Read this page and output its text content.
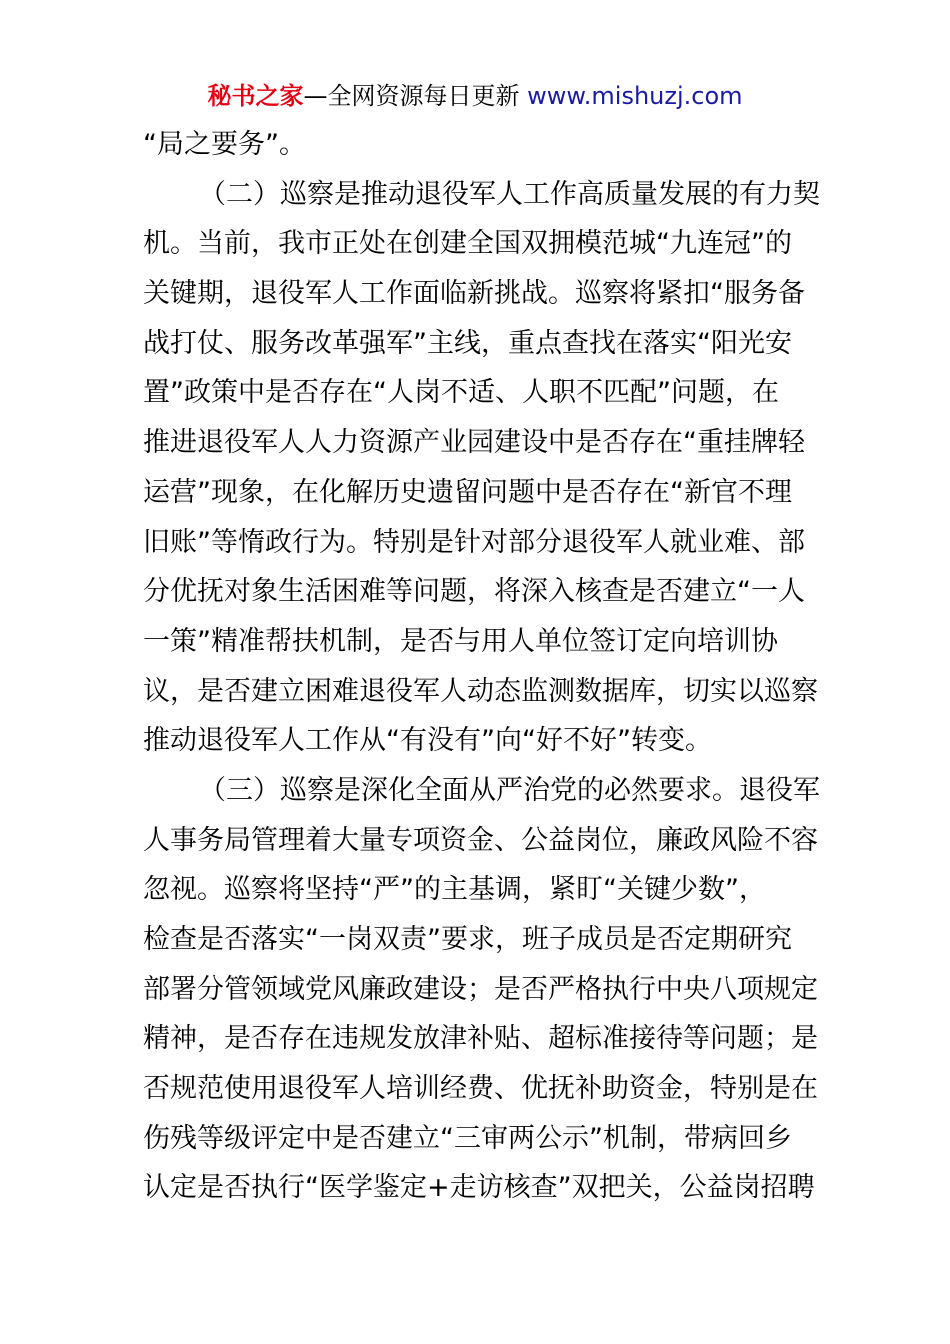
秘书之家—全网资源每日更新 www.mishuzj.com
“局之要务”。
（二）巡察是推动退役军人工作高质量发展的有力契
机。当前，我市正处在创建全国双拥模范城“九连冠”的
关键期，退役军人工作面临新挑战。巡察将紧扣“服务备
战打仗、服务改革强军”主线，重点查找在落实“阳光安
置”政策中是否存在“人岗不适、人职不匹配”问题，在
推进退役军人人力资源产业园建设中是否存在“重挂牌轻
运营”现象，在化解历史遗留问题中是否存在“新官不理
旧账”等惰政行为。特别是针对部分退役军人就业难、部
分优抚对象生活困难等问题，将深入核查是否建立“一人
一策”精准帮扶机制，是否与用人单位签订定向培训协
议，是否建立困难退役军人动态监测数据库，切实以巡察
推动退役军人工作从“有没有”向“好不好”转变。
（三）巡察是深化全面从严治党的必然要求。退役军
人事务局管理着大量专项资金、公益岗位，廉政风险不容
忽视。巡察将坚持“严”的主基调，紧盯“关键少数”，
检查是否落实“一岗双责”要求，班子成员是否定期研究
部署分管领域党风廉政建设；是否严格执行中央八项规定
精神，是否存在违规发放津补贴、超标准接待等问题；是
否规范使用退役军人培训经费、优抚补助资金，特别是在
伤残等级评定中是否建立“三审两公示”机制，带病回乡
认定是否执行“医学鉴定+走访核查”双把关，公益岗招聘
